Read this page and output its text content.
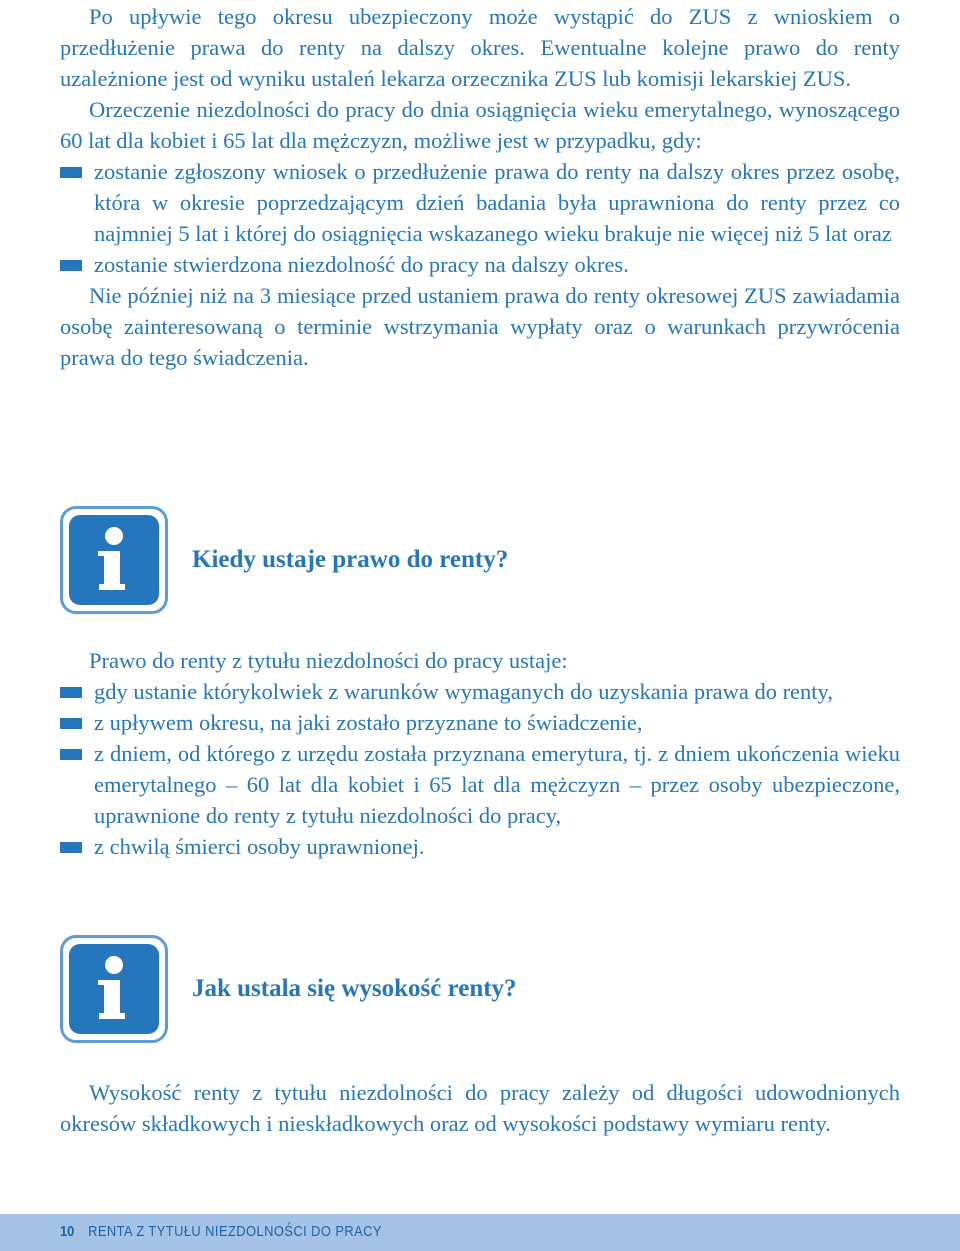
Po upływie tego okresu ubezpieczony może wystąpić do ZUS z wnioskiem o przedłużenie prawa do renty na dalszy okres. Ewentualne kolejne prawo do renty uzależnione jest od wyniku ustaleń lekarza orzecznika ZUS lub komisji lekarskiej ZUS.

Orzeczenie niezdolności do pracy do dnia osiągnięcia wieku emerytalnego, wynoszącego 60 lat dla kobiet i 65 lat dla mężczyzn, możliwe jest w przypadku, gdy:

zostanie zgłoszony wniosek o przedłużenie prawa do renty na dalszy okres przez osobę, która w okresie poprzedzającym dzień badania była uprawniona do renty przez co najmniej 5 lat i której do osiągnięcia wskazanego wieku brakuje nie więcej niż 5 lat oraz
zostanie stwierdzona niezdolność do pracy na dalszy okres.

Nie później niż na 3 miesiące przed ustaniem prawa do renty okresowej ZUS zawiadamia osobę zainteresowaną o terminie wstrzymania wypłaty oraz o warunkach przywrócenia prawa do tego świadczenia.

Kiedy ustaje prawo do renty?

Prawo do renty z tytułu niezdolności do pracy ustaje:

gdy ustanie którykolwiek z warunków wymaganych do uzyskania prawa do renty,
z upływem okresu, na jaki zostało przyznane to świadczenie,
z dniem, od którego z urzędu została przyznana emerytura, tj. z dniem ukończenia wieku emerytalnego – 60 lat dla kobiet i 65 lat dla mężczyzn – przez osoby ubezpieczone, uprawnione do renty z tytułu niezdolności do pracy,
z chwilą śmierci osoby uprawnionej.
Jak ustala się wysokość renty?

Wysokość renty z tytułu niezdolności do pracy zależy od długości udowodnionych okresów składkowych i nieskładkowych oraz od wysokości podstawy wymiaru renty.

10 RENTA Z TYTUŁU NIEZDOLNOŚCI DO PRACY
